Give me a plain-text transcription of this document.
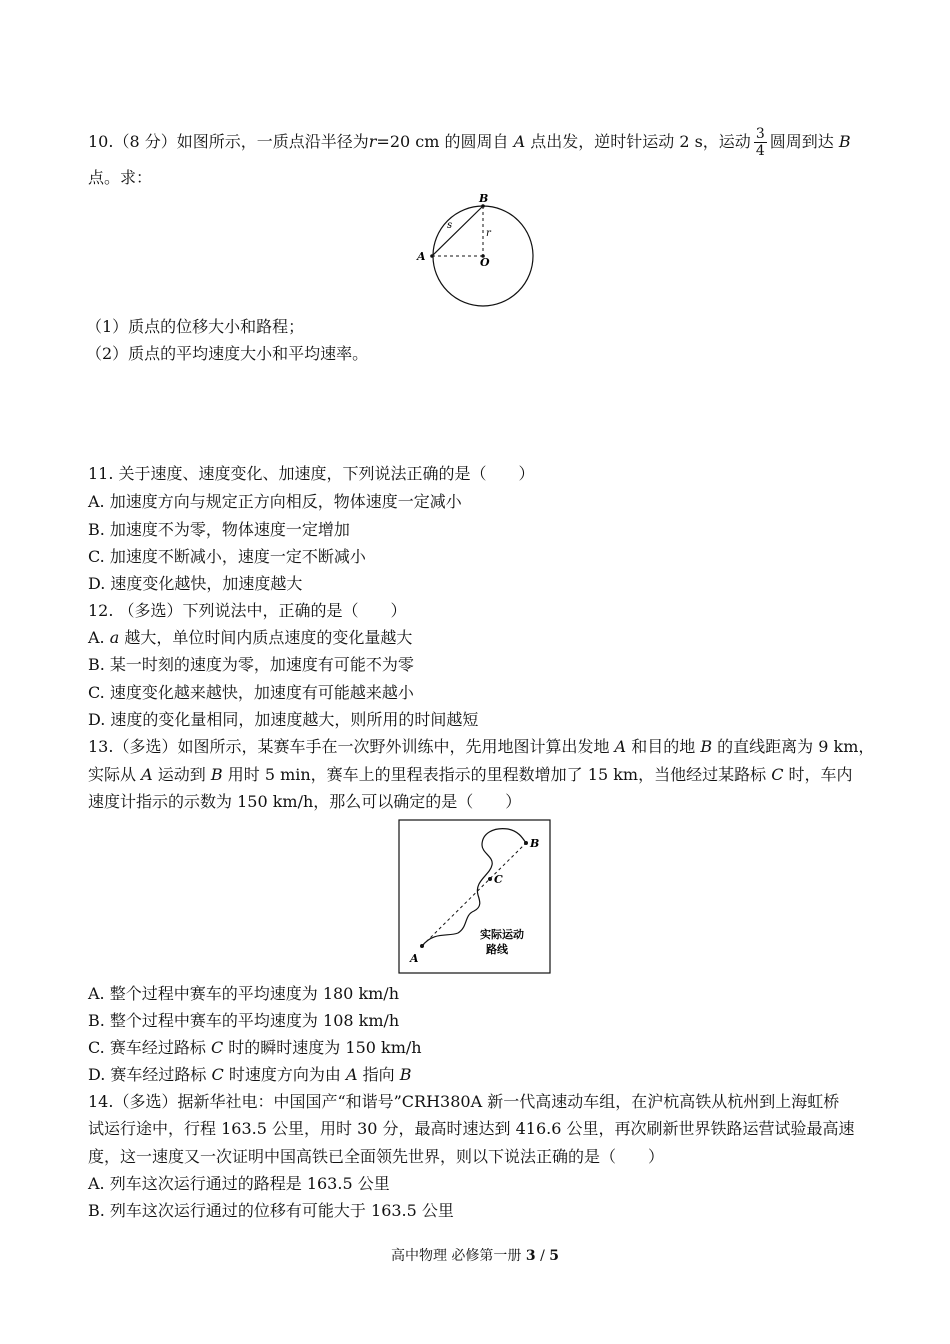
10.（8 分）如图所示，一质点沿半径为r=20 cm 的圆周自 A 点出发，逆时针运动 2 s，运动 $\frac{3}{4}$ 圆周到达 B
点。求：
B
A	O
s
r
（1）质点的位移大小和路程；
（2）质点的平均速度大小和平均速率。
11. 关于速度、速度变化、加速度，下列说法正确的是（　　）
A. 加速度方向与规定正方向相反，物体速度一定减小
B. 加速度不为零，物体速度一定增加
C. 加速度不断减小，速度一定不断减小
D. 速度变化越快，加速度越大
12. （多选）下列说法中，正确的是（　　）
A. a 越大，单位时间内质点速度的变化量越大
B. 某一时刻的速度为零，加速度有可能不为零
C. 速度变化越来越快，加速度有可能越来越小
D. 速度的变化量相同，加速度越大，则所用的时间越短
13.（多选）如图所示，某赛车手在一次野外训练中，先用地图计算出发地 A 和目的地 B 的直线距离为 9 km，
实际从 A 运动到 B 用时 5 min，赛车上的里程表指示的里程数增加了 15 km，当他经过某路标 C 时，车内
速度计指示的示数为 150 km/h，那么可以确定的是（　　）
A
B
C
实际运动
路线
A. 整个过程中赛车的平均速度为 180 km/h
B. 整个过程中赛车的平均速度为 108 km/h
C. 赛车经过路标 C 时的瞬时速度为 150 km/h
D. 赛车经过路标 C 时速度方向为由 A 指向 B
14.（多选）据新华社电：中国国产“和谐号”CRH380A 新一代高速动车组，在沪杭高铁从杭州到上海虹桥
试运行途中，行程 163.5 公里，用时 30 分，最高时速达到 416.6 公里，再次刷新世界铁路运营试验最高速
度，这一速度又一次证明中国高铁已全面领先世界，则以下说法正确的是（　　）
A. 列车这次运行通过的路程是 163.5 公里
B. 列车这次运行通过的位移有可能大于 163.5 公里
高中物理 必修第一册 3 / 5
